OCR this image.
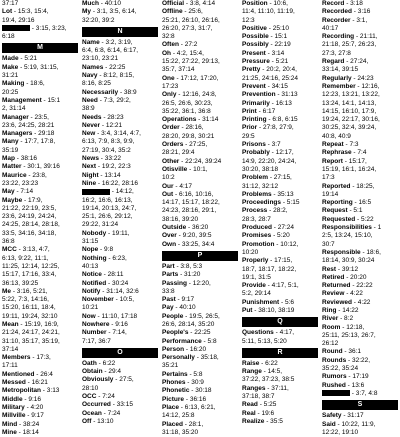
37:17
Lot - 15:3, 15:4,
19:4, 29:16
- 3:15, 3:23,
6:18
M
Made - 5:21
Make - 5:19, 31:15,
31:21
Making - 18:6,
20:25
Management - 15:1
2, 31:14
Manager - 23:5,
23:6, 24:25, 28:21
Managers - 29:18
Many - 17:7, 17:8,
35:19
Map - 38:16
Matter - 30:1, 39:16
Maurice - 23:8,
23:22, 23:23
May - 7:14
Maybe - 17:9,
21:22, 22:19, 23:5,
23:6, 24:19, 24:24,
24:25, 28:14, 28:18,
33:5, 34:16, 34:18,
36:8
MCC - 3:13, 4:7,
6:13, 9:22, 11:1,
11:25, 12:14, 12:25,
15:17, 17:16, 33:4,
36:13, 39:25
Me - 3:16, 5:21,
5:22, 7:3, 14:16,
15:20, 16:11, 18:4,
19:11, 19:24, 32:10
Mean - 15:19, 16:9,
21:24, 24:17, 24:21,
31:10, 35:17, 35:19,
37:14
Members - 17:3,
17:11
Mentioned - 26:4
Messed - 16:21
Metropolitan - 3:13
Middle - 9:16
Military - 4:20
Millville - 9:17
Mind - 38:24
Mine - 18:14
Much - 40:10
My - 3:1, 3:5, 6:14,
32:20, 39:2
N
Name - 3:2, 3:19,
6:4, 6:8, 6:14, 6:17,
23:10, 23:21
Names - 22:25
Navy - 8:12, 8:15,
8:16, 8:25
Necessarily - 38:9
Need - 7:3, 29:2,
38:9
Needs - 28:23
Never - 12:21
New - 3:4, 3:14, 4:7,
6:13, 7:9, 8:3, 9:9,
27:19, 30:4, 35:2
News - 33:22
Next - 19:2, 22:3
Night - 13:14
Nine - 16:22, 28:16
- 14:12,
16:2, 16:6, 16:13,
19:14, 20:13, 24:7,
25:1, 26:6, 29:12,
29:22, 31:24
Nobody - 19:11,
31:15
Nope - 9:8
Nothing - 6:23,
40:13
Notice - 28:11
Notified - 30:24
Notify - 31:14, 32:6
November - 10:5,
10:21
Now - 11:10, 17:18
Nowhere - 9:16
Number - 7:14,
7:17, 36:7
O
Oath - 6:22
Obtain - 29:4
Obviously - 27:5,
28:10
OCC - 7:24
Occurred - 33:15
Ocean - 7:24
Off - 13:10
Official - 3:8, 4:14
Offline - 25:6,
25:21, 26:10, 26:16,
26:20, 27:3, 31:7,
32:8
Often - 27:2
Oh - 4:2, 15:4,
15:22, 27:22, 29:13,
35:7, 37:14
One - 17:12, 17:20,
17:23
Only - 12:16, 24:8,
26:5, 26:6, 30:23,
35:22, 36:1, 36:8
Operations - 31:14
Order - 28:16,
28:20, 29:8, 30:21
Orders - 27:25,
28:21, 29:4
Other - 22:24, 39:24
Otisville - 10:1,
10:2
Our - 4:17
Out - 6:16, 10:16,
14:17, 15:17, 18:22,
24:23, 28:16, 29:1,
38:16, 39:20
Outside - 36:20
Over - 9:20, 39:5
Own - 33:25, 34:4
P
Part - 3:8, 5:3
Parts - 31:20
Passing - 12:20,
33:8
Past - 9:17
Pay - 40:10
People - 19:5, 26:5,
26:6, 28:14, 35:20
People's - 22:25
Performance - 5:8
Person - 16:20
Personally - 35:18,
35:21
Pertains - 5:8
Phones - 30:9
Phonetic - 30:18
Picture - 36:16
Place - 6:13, 6:21,
14:12, 25:8
Placed - 28:1,
31:18, 35:20
Position - 10:6,
11:4, 11:10, 11:19,
12:3
Positive - 25:10
Possible - 15:1
Possibly - 22:19
Present - 3:14
Pressure - 5:21
Pretty - 20:2, 20:4,
21:25, 24:16, 25:24
Prevent - 34:15
Prevention - 31:13
Primarily - 16:13
Print - 6:17
Printing - 6:8, 6:15
Prior - 27:8, 27:9,
29:5
Prisons - 3:7
Probably - 12:17,
14:9, 22:20, 24:24,
30:20, 38:18
Problem - 27:15,
31:12, 32:12
Problems - 35:13
Proceedings - 5:15
Process - 28:2,
28:3, 28:7
Produced - 27:24
Promises - 5:20
Promotion - 10:12,
10:20
Properly - 17:15,
18:7, 18:17, 18:22,
19:1, 31:5
Provide - 4:17, 5:1,
5:2, 29:14
Punishment - 5:6
Put - 38:10, 38:19
Q
Questions - 4:17,
5:11, 5:13, 5:20
R
Raise - 6:22
Range - 14:5,
37:22, 37:23, 38:5
Ranges - 37:11,
37:18, 38:7
Read - 5:25
Real - 19:6
Realize - 35:5
Record - 3:18
Recorded - 3:16
Recorder - 3:1,
40:17
Recording - 21:11,
21:18, 25:7, 26:23,
27:3, 27:8
Regard - 27:24,
33:14, 39:15
Regularly - 24:23
Remember - 12:16,
12:23, 13:21, 13:22,
13:24, 14:1, 14:13,
14:15, 16:10, 17:9,
19:24, 22:17, 30:16,
30:25, 32:4, 39:24,
40:8, 40:9
Repeat - 7:3
Rephrase - 7:4
Report - 15:17,
15:19, 16:1, 16:24,
17:3
Reported - 18:25,
19:14
Reporting - 16:5
Request - 5:1
Requested - 5:22
Responsibilities - 1
2:5, 13:24, 15:10,
30:7
Responsible - 18:6,
18:14, 30:9, 30:24
Rest - 39:12
Retired - 20:20
Returned - 22:22
Review - 4:22
Reviewed - 4:22
Ring - 14:22
River - 8:2
Room - 12:18,
25:11, 25:13, 26:7,
26:12
Round - 36:1
Rounds - 32:22,
35:22, 35:24
Rumors - 17:19
Rushed - 13:6
- 3:7, 4:8
S
Safety - 31:17
Said - 10:22, 11:9,
12:22, 19:10
